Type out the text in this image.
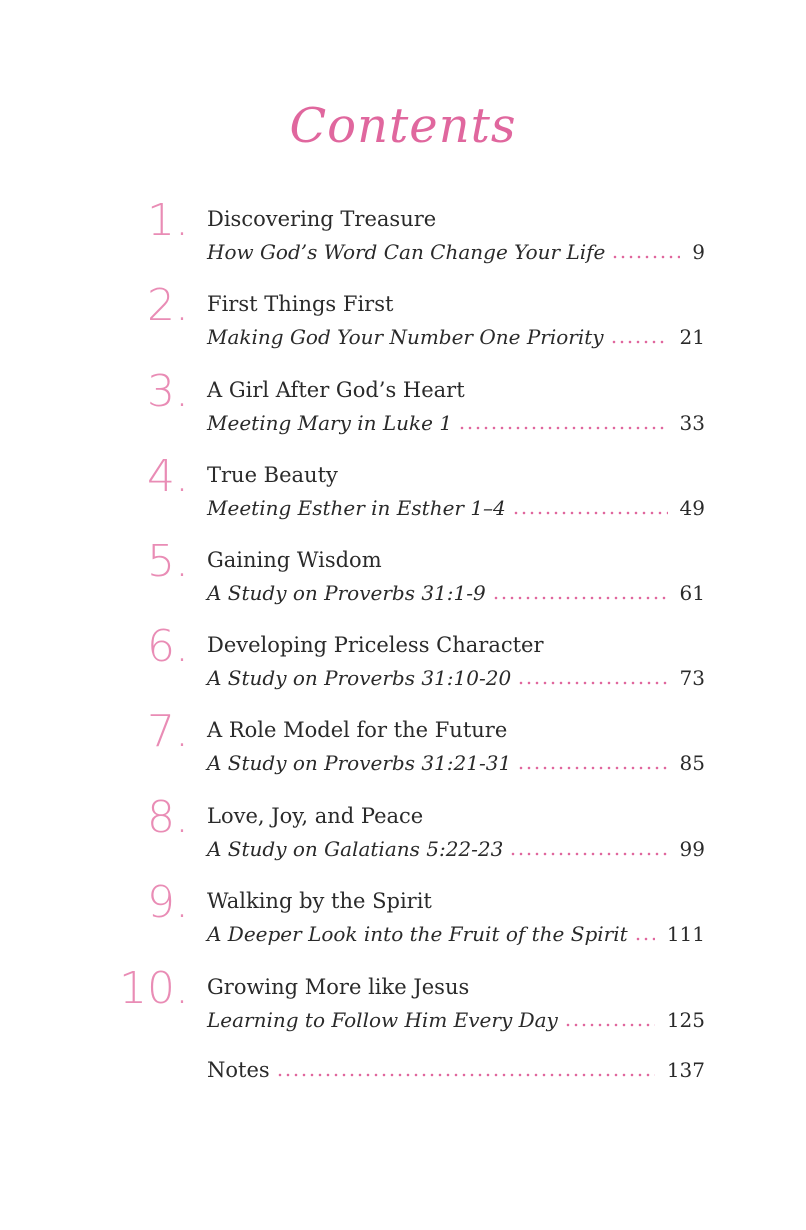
Contents
1. Discovering Treasure
How God’s Word Can Change Your Life	9
2. First Things First
Making God Your Number One Priority	21
3. A Girl After God’s Heart
Meeting Mary in Luke 1	33
4. True Beauty
Meeting Esther in Esther 1–4	49
5. Gaining Wisdom
A Study on Proverbs 31:1-9	61
6. Developing Priceless Character
A Study on Proverbs 31:10-20	73
7. A Role Model for the Future
A Study on Proverbs 31:21-31	85
8. Love, Joy, and Peace
A Study on Galatians 5:22-23	99
9. Walking by the Spirit
A Deeper Look into the Fruit of the Spirit 111
10. Growing More like Jesus
Learning to Follow Him Every Day	125
Notes	137
